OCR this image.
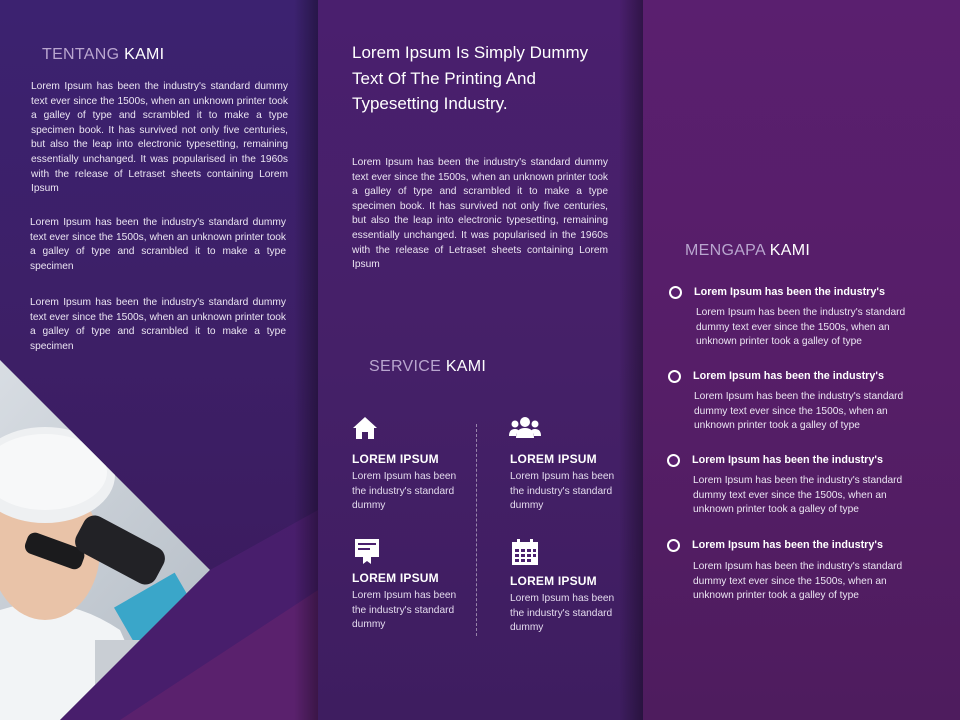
TENTANG KAMI
Lorem Ipsum has been the industry's standard dummy text ever since the 1500s, when an unknown printer took a galley of type and scrambled it to make a type specimen book. It has survived not only five centuries, but also the leap into electronic typesetting, remaining essentially unchanged. It was popularised in the 1960s with the release of Letraset sheets containing Lorem Ipsum
Lorem Ipsum has been the industry's standard dummy text ever since the 1500s, when an unknown printer took a galley of type and scrambled it to make a type specimen
Lorem Ipsum has been the industry's standard dummy text ever since the 1500s, when an unknown printer took a galley of type and scrambled it to make a type specimen
Lorem Ipsum Is Simply Dummy Text Of The Printing And Typesetting Industry.
Lorem Ipsum has been the industry's standard dummy text ever since the 1500s, when an unknown printer took a galley of type and scrambled it to make a type specimen book. It has survived not only five centuries, but also the leap into electronic typesetting, remaining essentially unchanged. It was popularised in the 1960s with the release of Letraset sheets containing Lorem Ipsum
SERVICE KAMI
LOREM IPSUM
Lorem Ipsum has been the industry's standard dummy
LOREM IPSUM
Lorem Ipsum has been the industry's standard dummy
LOREM IPSUM
Lorem Ipsum has been the industry's standard dummy
LOREM IPSUM
Lorem Ipsum has been the industry's standard dummy
MENGAPA KAMI
Lorem Ipsum has been the industry's
Lorem Ipsum has been the industry's standard dummy text ever since the 1500s, when an unknown printer took a galley of type
Lorem Ipsum has been the industry's
Lorem Ipsum has been the industry's standard dummy text ever since the 1500s, when an unknown printer took a galley of type
Lorem Ipsum has been the industry's
Lorem Ipsum has been the industry's standard dummy text ever since the 1500s, when an unknown printer took a galley of type
Lorem Ipsum has been the industry's
Lorem Ipsum has been the industry's standard dummy text ever since the 1500s, when an unknown printer took a galley of type
